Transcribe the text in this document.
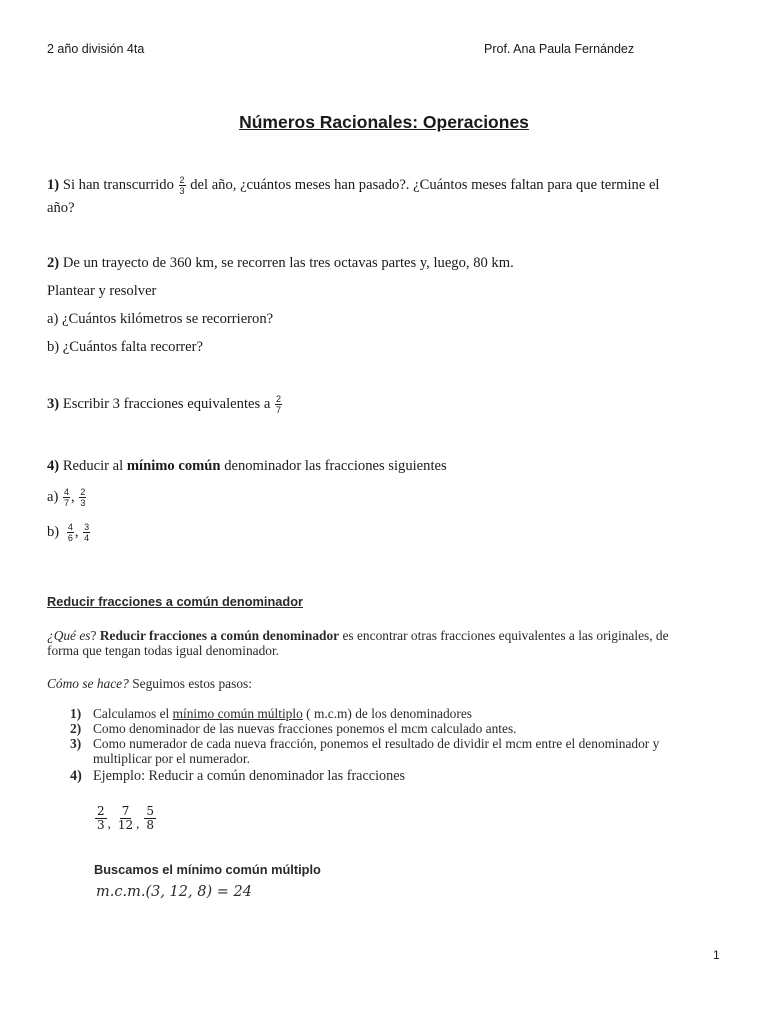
2 año división 4ta	Prof. Ana Paula Fernández
Números Racionales: Operaciones
1) Si han transcurrido $\frac{2}{3}$ del año, ¿cuántos meses han pasado?. ¿Cuántos meses faltan para que termine el
año?
2) De un trayecto de 360 km, se recorren las tres octavas partes y, luego, 80 km.
Plantear y resolver
a) ¿Cuántos kilómetros se recorrieron?
b) ¿Cuántos falta recorrer?
3) Escribir 3 fracciones equivalentes a $\frac{2}{7}$
4) Reducir al mínimo común denominador las fracciones siguientes
$a) \frac{4}{7}$ , $\frac{2}{3}$
$b) \frac{4}{6}$ , $\frac{3}{4}$
Reducir fracciones a común denominador
¿Qué es? Reducir fracciones a común denominador es encontrar otras fracciones equivalentes a las originales, de
forma que tengan todas igual denominador.
Cómo se hace? Seguimos estos pasos:
1) Calculamos el mínimo común múltiplo ( m.c.m) de los denominadores
2) Como denominador de las nuevas fracciones ponemos el mcm calculado antes.
3) Como numerador de cada nueva fracción, ponemos el resultado de dividir el mcm entre el denominador y
multiplicar por el numerador.
4) Ejemplo: Reducir a común denominador las fracciones
$\frac{2}{3} _, \frac{7}{12} _, \frac{5}{8}$
Buscamos el mínimo común múltiplo
m.c.m.(3, 12, 8) = 24
1
